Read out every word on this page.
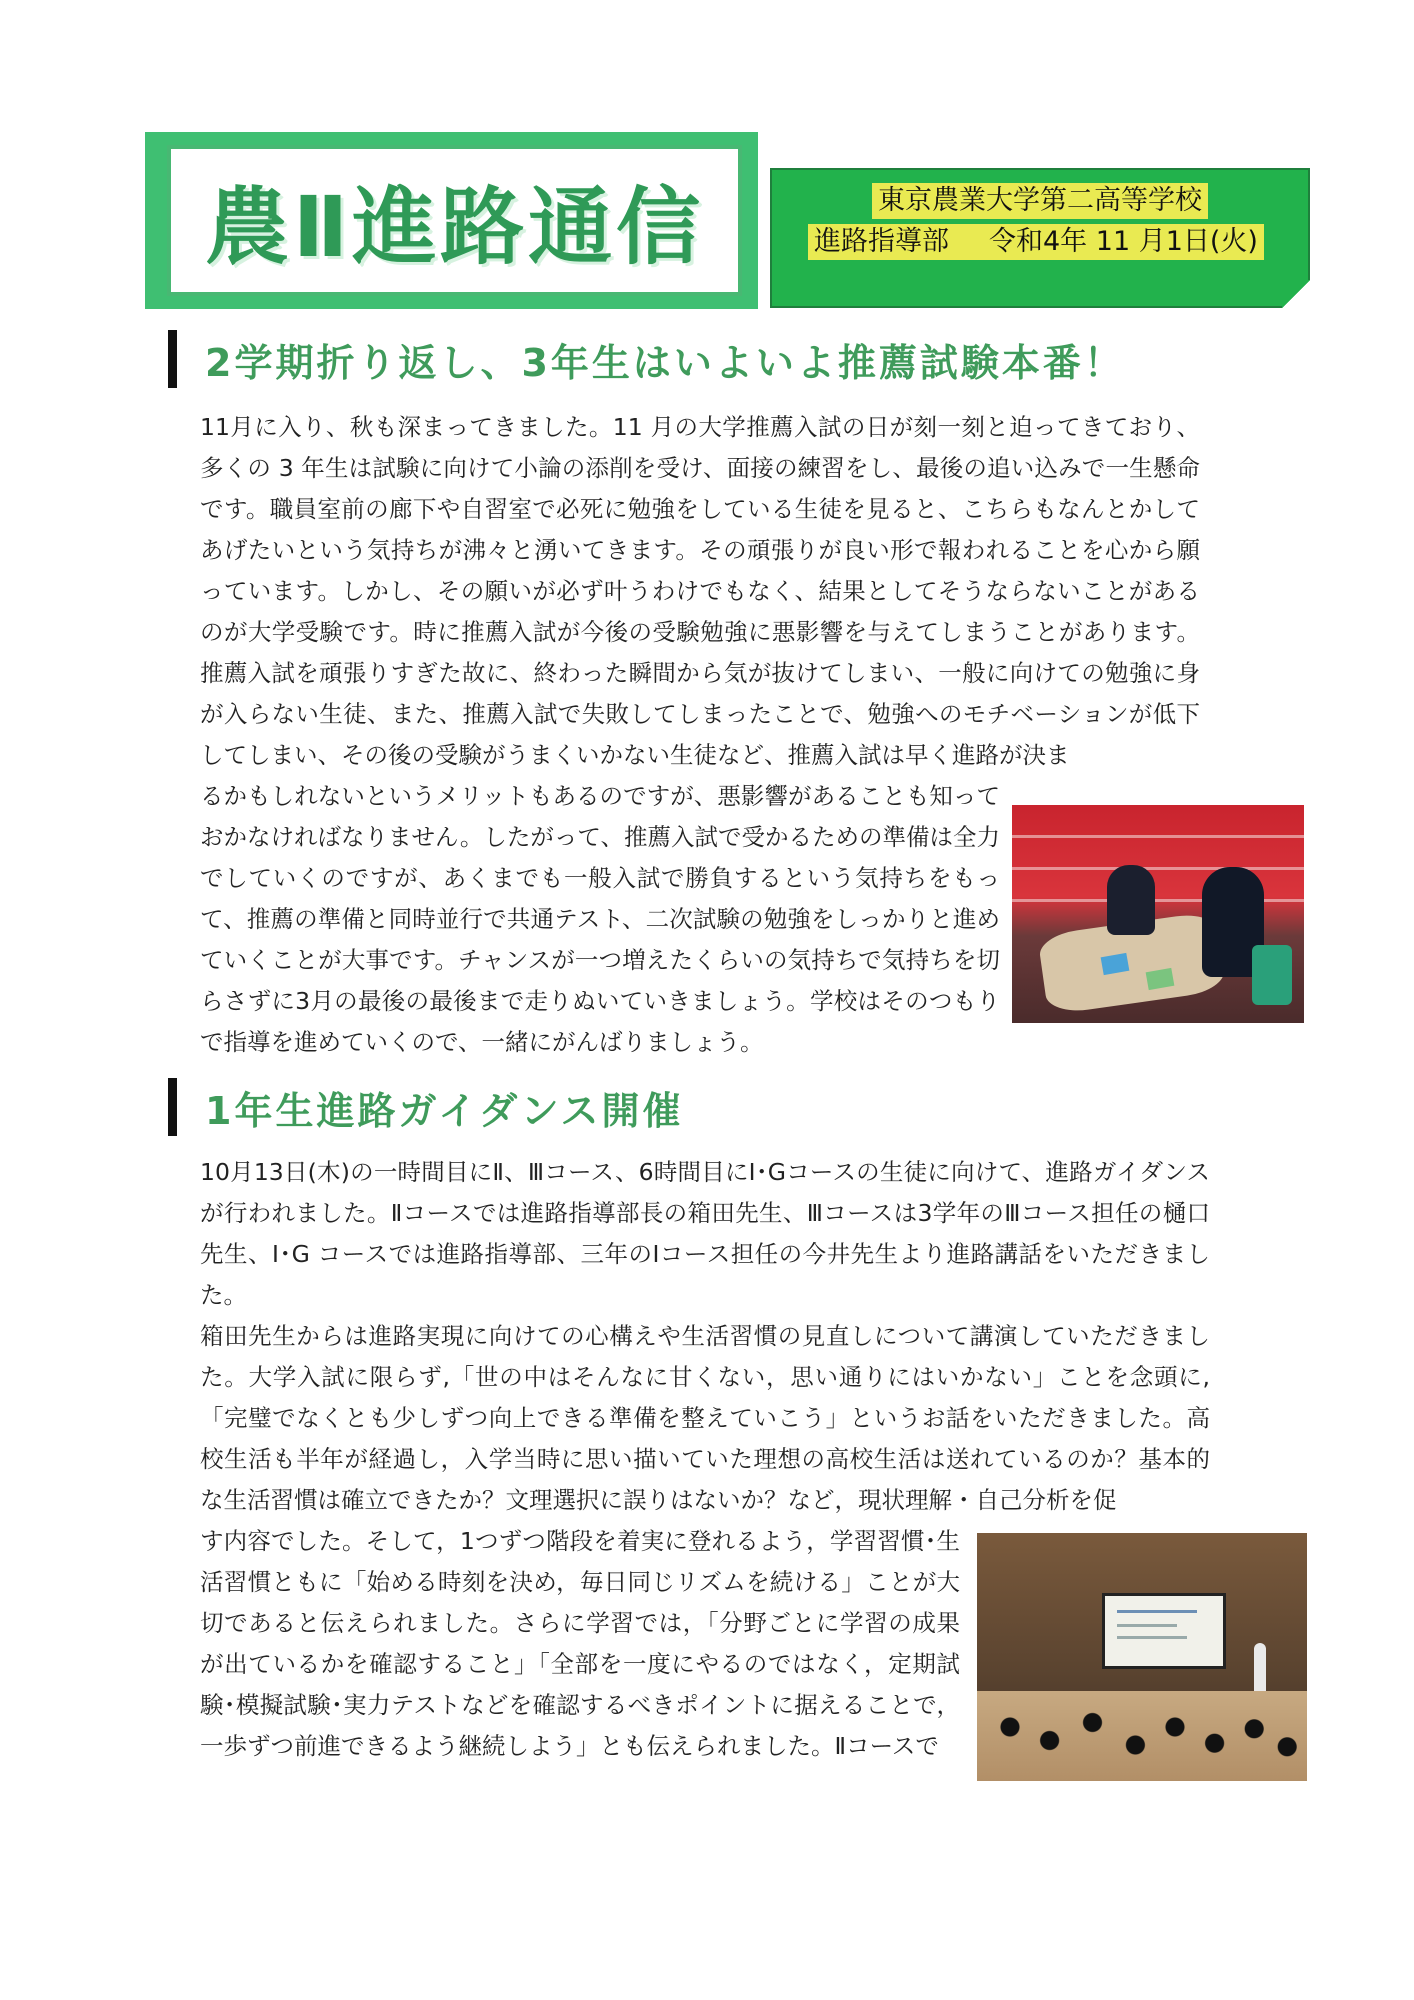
農Ⅱ進路通信	東京農業大学第二高等学校
進路指導部 令和4年 11 月1日(火)
2学期折り返し、3年生はいよいよ推薦試験本番！

11月に入り、秋も深まってきました。11 月の大学推薦入試の日が刻一刻と迫ってきており、多くの 3 年生は試験に向けて小論の添削を受け、面接の練習をし、最後の追い込みで一生懸命です。職員室前の廊下や自習室で必死に勉強をしている生徒を見ると、こちらもなんとかしてあげたいという気持ちが沸々と湧いてきます。その頑張りが良い形で報われることを心から願っています。しかし、その願いが必ず叶うわけでもなく、結果としてそうならないことがあるのが大学受験です。時に推薦入試が今後の受験勉強に悪影響を与えてしまうことがあります。推薦入試を頑張りすぎた故に、終わった瞬間から気が抜けてしまい、一般に向けての勉強に身が入らない生徒、また、推薦入試で失敗してしまったことで、勉強へのモチベーションが低下してしまい、その後の受験がうまくいかない生徒など、推薦入試は早く進路が決ま

るかもしれないというメリットもあるのですが、悪影響があることも知っておかなければなりません。したがって、推薦入試で受かるための準備は全力でしていくのですが、あくまでも一般入試で勝負するという気持ちをもって、推薦の準備と同時並行で共通テスト、二次試験の勉強をしっかりと進めていくことが大事です。チャンスが一つ増えたくらいの気持ちで気持ちを切らさずに3月の最後の最後まで走りぬいていきましょう。学校はそのつもりで指導を進めていくので、一緒にがんばりましょう。

1年生進路ガイダンス開催

10月13日(木)の一時間目にⅡ、Ⅲコース、6時間目にⅠ･Gコースの生徒に向けて、進路ガイダンスが行われました。Ⅱコースでは進路指導部長の箱田先生、Ⅲコースは3学年のⅢコース担任の樋口先生、Ⅰ･G コースでは進路指導部、三年のⅠコース担任の今井先生より進路講話をいただきました。

箱田先生からは進路実現に向けての心構えや生活習慣の見直しについて講演していただきました。大学入試に限らず,「世の中はそんなに甘くない，思い通りにはいかない」ことを念頭に,「完璧でなくとも少しずつ向上できる準備を整えていこう」というお話をいただきました。高校生活も半年が経過し，入学当時に思い描いていた理想の高校生活は送れているのか？基本的な生活習慣は確立できたか？文理選択に誤りはないか？など，現状理解・自己分析を促

す内容でした。そして，1つずつ階段を着実に登れるよう，学習習慣･生活習慣ともに「始める時刻を決め，毎日同じリズムを続ける」ことが大切であると伝えられました。さらに学習では，「分野ごとに学習の成果が出ているかを確認すること」「全部を一度にやるのではなく，定期試験･模擬試験･実力テストなどを確認するべきポイントに据えることで，一歩ずつ前進できるよう継続しよう」とも伝えられました。Ⅱコースで
